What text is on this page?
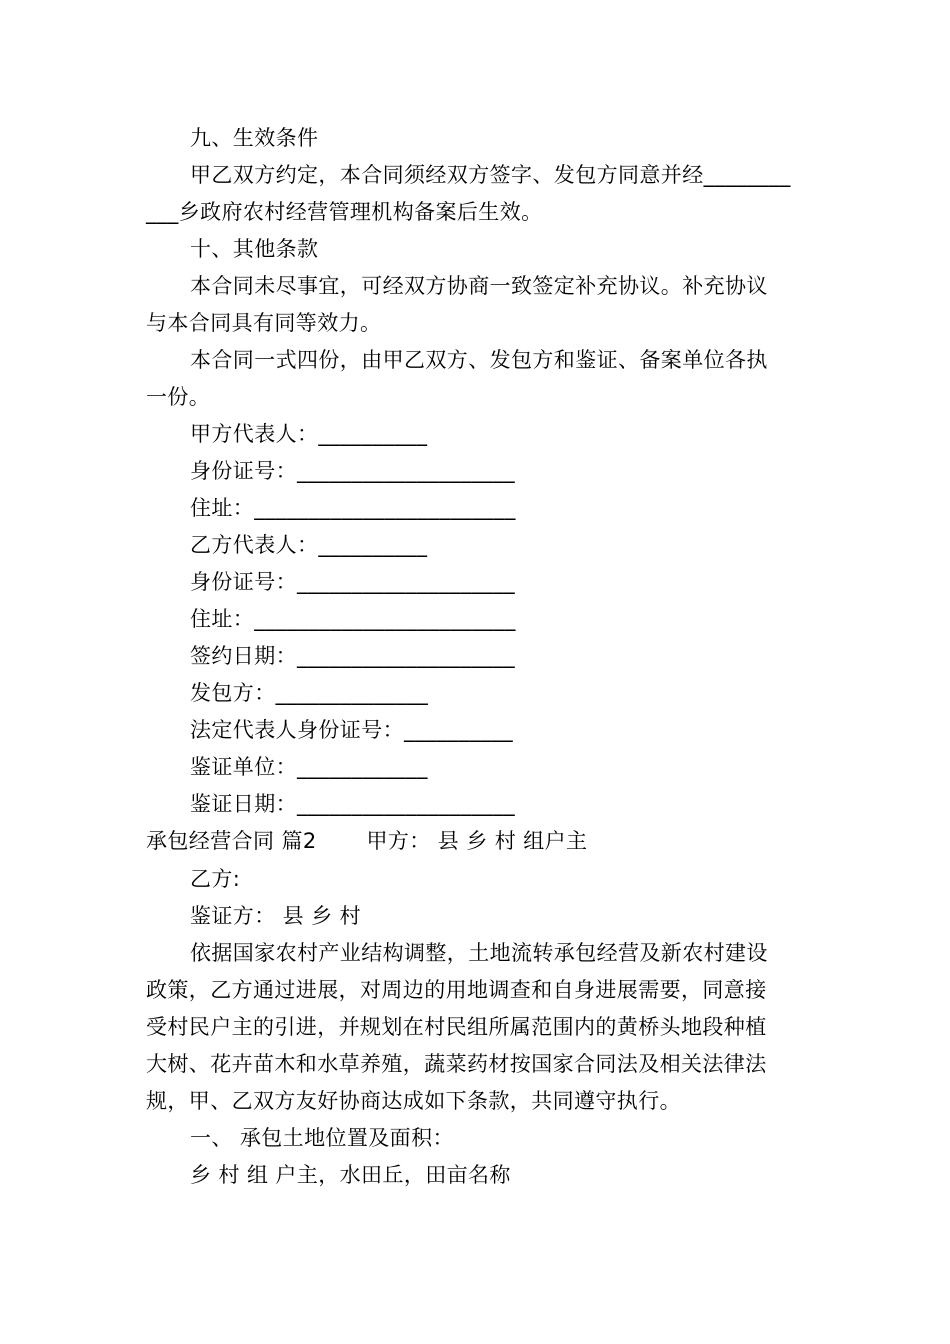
九、生效条件
甲乙双方约定，本合同须经双方签字、发包方同意并经________
___乡政府农村经营管理机构备案后生效。
十、其他条款
本合同未尽事宜，可经双方协商一致签定补充协议。补充协议
与本合同具有同等效力。
本合同一式四份，由甲乙双方、发包方和鉴证、备案单位各执
一份。
甲方代表人：__________
身份证号：____________________
住址：________________________
乙方代表人：__________
身份证号：____________________
住址：________________________
签约日期：____________________
发包方：______________
法定代表人身份证号：__________
鉴证单位：____________
鉴证日期：____________________
承包经营合同 篇2　　 甲方： 县 乡 村 组户主
乙方:
鉴证方： 县 乡 村
依据国家农村产业结构调整，土地流转承包经营及新农村建设
政策，乙方通过进展，对周边的用地调查和自身进展需要，同意接
受村民户主的引进，并规划在村民组所属范围内的黄桥头地段种植
大树、花卉苗木和水草养殖，蔬菜药材按国家合同法及相关法律法
规，甲、乙双方友好协商达成如下条款，共同遵守执行。
一、 承包土地位置及面积：
乡 村 组 户主，水田丘，田亩名称
